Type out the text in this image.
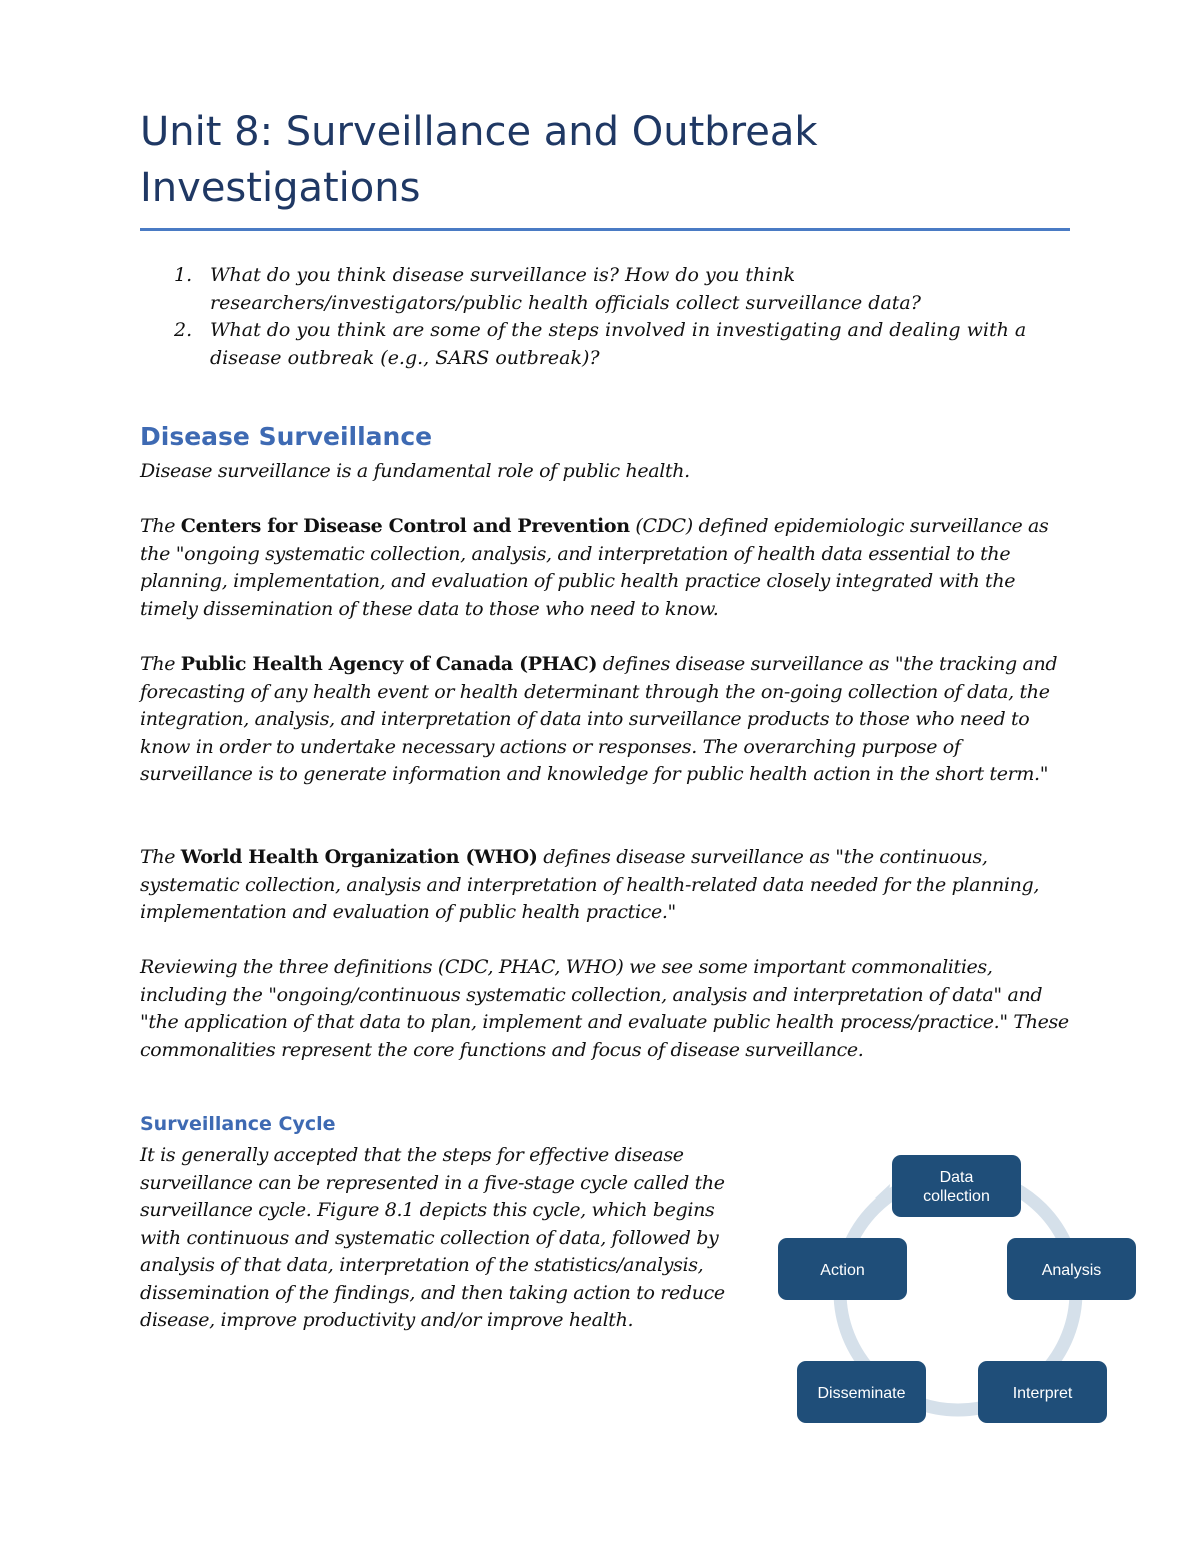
Unit 8: Surveillance and Outbreak Investigations
1. What do you think disease surveillance is? How do you think researchers/investigators/public health officials collect surveillance data?
2. What do you think are some of the steps involved in investigating and dealing with a disease outbreak (e.g., SARS outbreak)?
Disease Surveillance

Disease surveillance is a fundamental role of public health.

The Centers for Disease Control and Prevention (CDC) defined epidemiologic surveillance as the "ongoing systematic collection, analysis, and interpretation of health data essential to the planning, implementation, and evaluation of public health practice closely integrated with the timely dissemination of these data to those who need to know.

The Public Health Agency of Canada (PHAC) defines disease surveillance as "the tracking and forecasting of any health event or health determinant through the on-going collection of data, the integration, analysis, and interpretation of data into surveillance products to those who need to know in order to undertake necessary actions or responses. The overarching purpose of surveillance is to generate information and knowledge for public health action in the short term."

The World Health Organization (WHO) defines disease surveillance as "the continuous, systematic collection, analysis and interpretation of health-related data needed for the planning, implementation and evaluation of public health practice."

Reviewing the three definitions (CDC, PHAC, WHO) we see some important commonalities, including the "ongoing/continuous systematic collection, analysis and interpretation of data" and "the application of that data to plan, implement and evaluate public health process/practice." These commonalities represent the core functions and focus of disease surveillance.

Surveillance Cycle

It is generally accepted that the steps for effective disease surveillance can be represented in a five-stage cycle called the surveillance cycle. Figure 8.1 depicts this cycle, which begins with continuous and systematic collection of data, followed by analysis of that data, interpretation of the statistics/analysis, dissemination of the findings, and then taking action to reduce disease, improve productivity and/or improve health.

Data
collection
Analysis
Interpret
Disseminate
Action
